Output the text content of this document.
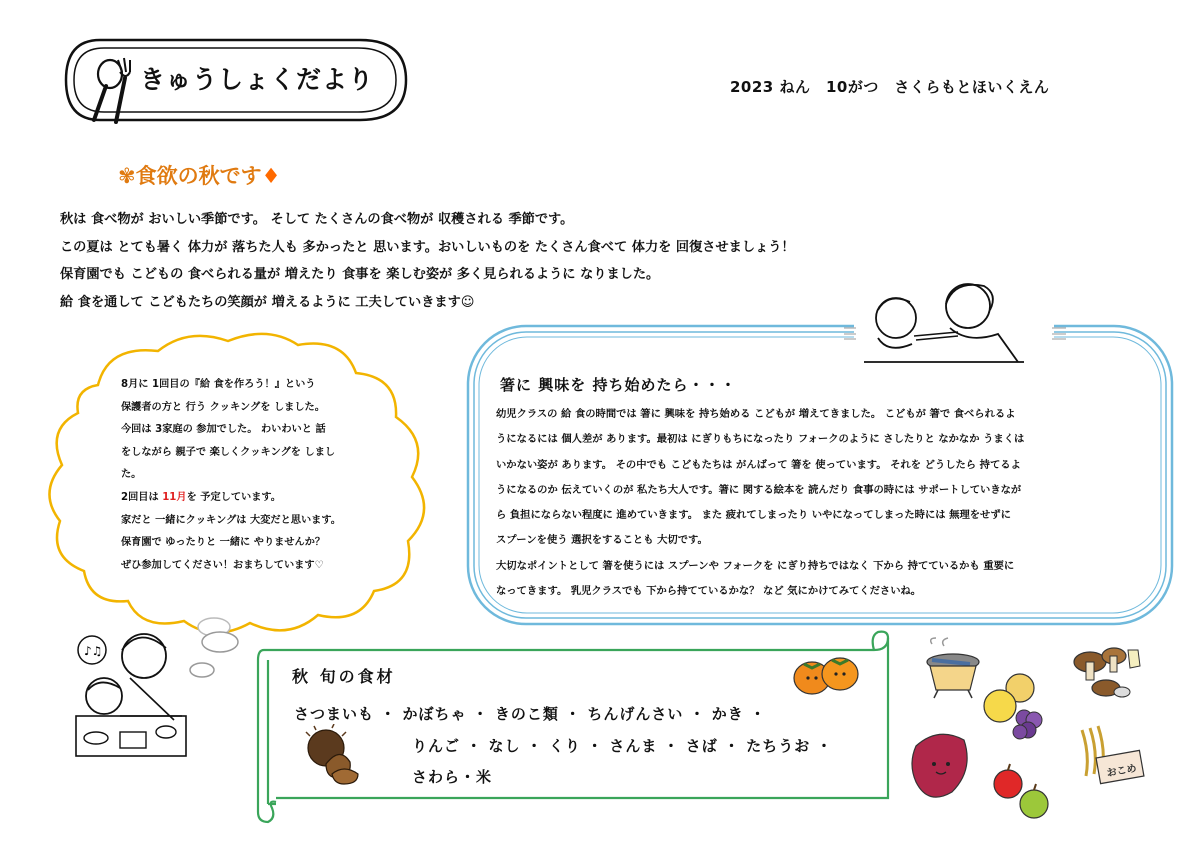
きゅうしょくだより	2023 ねん　10がつ　さくらもとほいくえん
✾食欲の秋です♦

秋は 食べ物が おいしい季節です。 そして たくさんの食べ物が 収穫される 季節です。

この夏は とても暑く 体力が 落ちた人も 多かったと 思います。おいしいものを たくさん食べて 体力を 回復させましょう！

保育園でも こどもの 食べられる量が 増えたり 食事を 楽しむ姿が 多く見られるように なりました。

給 食を通して こどもたちの笑顔が 増えるように 工夫していきます☺

8月に 1回目の『給 食を作ろう！』という

保護者の方と 行う クッキングを しました。

今回は 3家庭の 参加でした。 わいわいと 話

をしながら 親子で 楽しくクッキングを しまし

た。

2回目は 11月を 予定しています。

家だと 一緒にクッキングは 大変だと思います。

保育園で ゆったりと 一緒に やりませんか？

ぜひ参加してください！おまちしています♡

箸に 興味を 持ち始めたら・・・

幼児クラスの 給 食の時間では 箸に 興味を 持ち始める こどもが 増えてきました。 こどもが 箸で 食べられるよ

うになるには 個人差が あります。最初は にぎりもちになったり フォークのように さしたりと なかなか うまくは

いかない姿が あります。 その中でも こどもたちは がんばって 箸を 使っています。 それを どうしたら 持てるよ

うになるのか 伝えていくのが 私たち大人です。箸に 関する絵本を 読んだり 食事の時には サポートしていきなが

ら 負担にならない程度に 進めていきます。 また 疲れてしまったり いやになってしまった時には 無理をせずに

スプーンを使う 選択をすることも 大切です。

大切なポイントとして 箸を使うには スプーンや フォークを にぎり持ちではなく 下から 持てているかも 重要に

なってきます。 乳児クラスでも 下から持てているかな？ など 気にかけてみてくださいね。

♪♫
秋 旬の食材
さつまいも ・ かぼちゃ ・ きのこ類 ・ ちんげんさい ・ かき ・
りんご ・ なし ・ くり ・ さんま ・ さば ・ たちうお ・
さわら・米	おこめ
